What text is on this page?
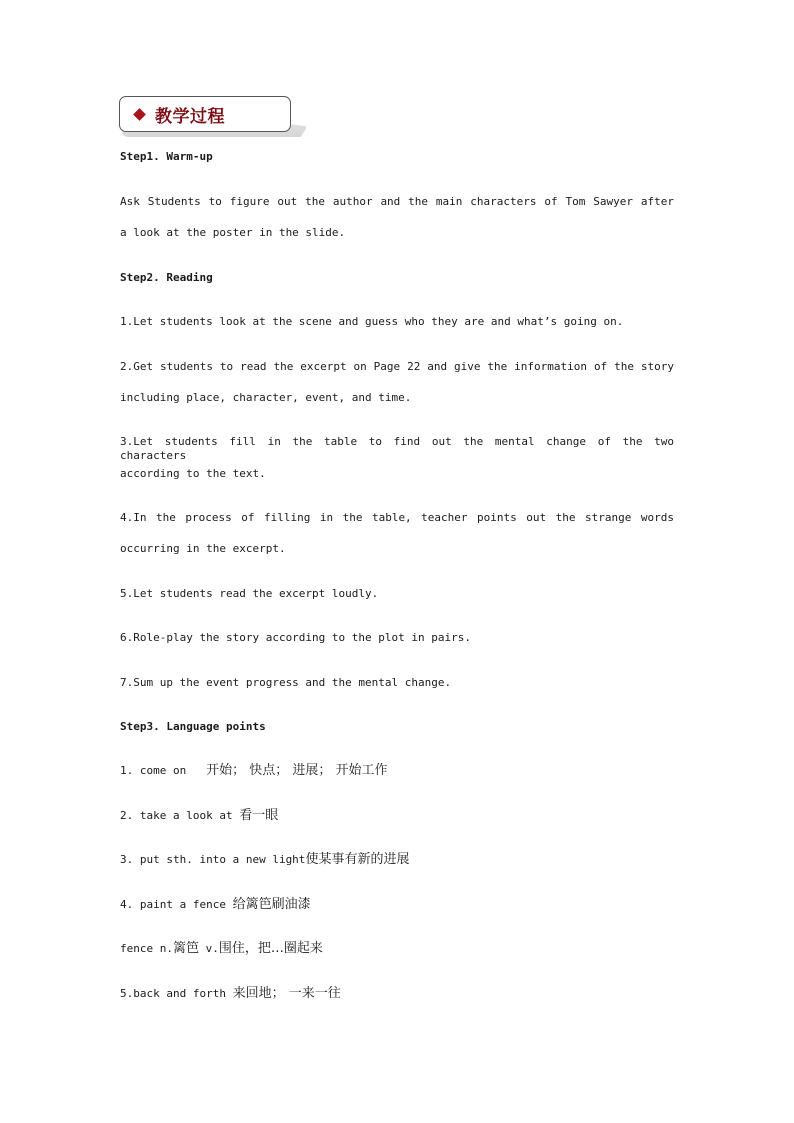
教学过程
Step1. Warm-up
Ask Students to figure out the author and the main characters of Tom Sawyer after
a look at the poster in the slide.
Step2. Reading
1.Let students look at the scene and guess who they are and what’s going on.
2.Get students to read the excerpt on Page 22 and give the information of the story
including place, character, event, and time.
3.Let students fill in the table to find out the mental change of the two characters
according to the text.
4.In the process of filling in the table, teacher points out the strange words
occurring in the excerpt.
5.Let students read the excerpt loudly.
6.Role-play the story according to the plot in pairs.
7.Sum up the event progress and the mental change.
Step3. Language points
1. come on   开始； 快点； 进展； 开始工作
2. take a look at 看一眼
3. put sth. into a new light使某事有新的进展
4. paint a fence 给篱笆刷油漆
fence n.篱笆 v.围住，把…圈起来
5.back and forth 来回地； 一来一往
